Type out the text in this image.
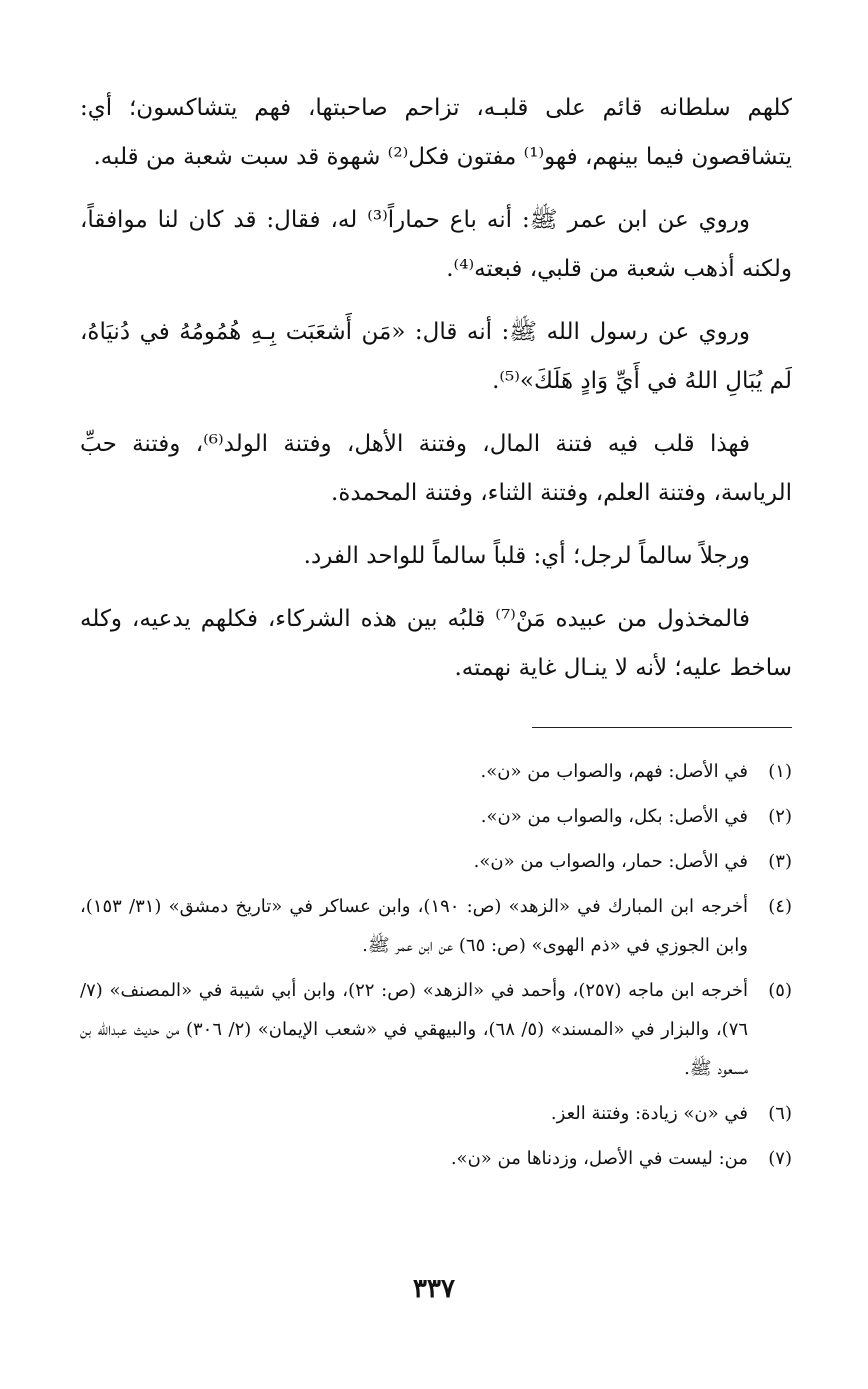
كلهم سلطانه قائم على قلبـه، تزاحم صاحبتها، فهم يتشاكسون؛ أي: يتشاقصون فيما بينهم، فهو⁽¹⁾ مفتون فكل⁽²⁾ شهوة قد سبت شعبة من قلبه.

وروي عن ابن عمر ﷺ: أنه باع حماراً⁽³⁾ له، فقال: قد كان لنا موافقاً، ولكنه أذهب شعبة من قلبي، فبعته⁽⁴⁾.

وروي عن رسول الله ﷺ: أنه قال: «مَن أَشعَبَت بِـهِ هُمُومُهُ في دُنيَاهُ، لَم يُبَالِ اللهُ في أَيِّ وَادٍ هَلَكَ»⁽⁵⁾.

فهذا قلب فيه فتنة المال، وفتنة الأهل، وفتنة الولد⁽⁶⁾، وفتنة حبِّ الرياسة، وفتنة العلم، وفتنة الثناء، وفتنة المحمدة.

ورجلاً سالماً لرجل؛ أي: قلباً سالماً للواحد الفرد.

فالمخذول من عبيده مَنْ⁽⁷⁾ قلبُه بين هذه الشركاء، فكلهم يدعيه، وكله ساخط عليه؛ لأنه لا ينـال غاية نهمته.

(١)
في الأصل: فهم، والصواب من «ن».
(٢)
في الأصل: بكل، والصواب من «ن».
(٣)
في الأصل: حمار، والصواب من «ن».
(٤)
أخرجه ابن المبارك في «الزهد» (ص: ١٩٠)، وابن عساكر في «تاريخ دمشق» (٣١/ ١٥٣)، وابن الجوزي في «ذم الهوى» (ص: ٦٥) عن ابن عمر ﷺ.
(٥)
أخرجه ابن ماجه (٢٥٧)، وأحمد في «الزهد» (ص: ٢٢)، وابن أبي شيبة في «المصنف» (٧/ ٧٦)، والبزار في «المسند» (٥/ ٦٨)، والبيهقي في «شعب الإيمان» (٢/ ٣٠٦) من حديث عبدالله بن مسعود ﷺ.
(٦)
في «ن» زيادة: وفتنة العز.
(٧)
من: ليست في الأصل، وزدناها من «ن».
٣٣٧
